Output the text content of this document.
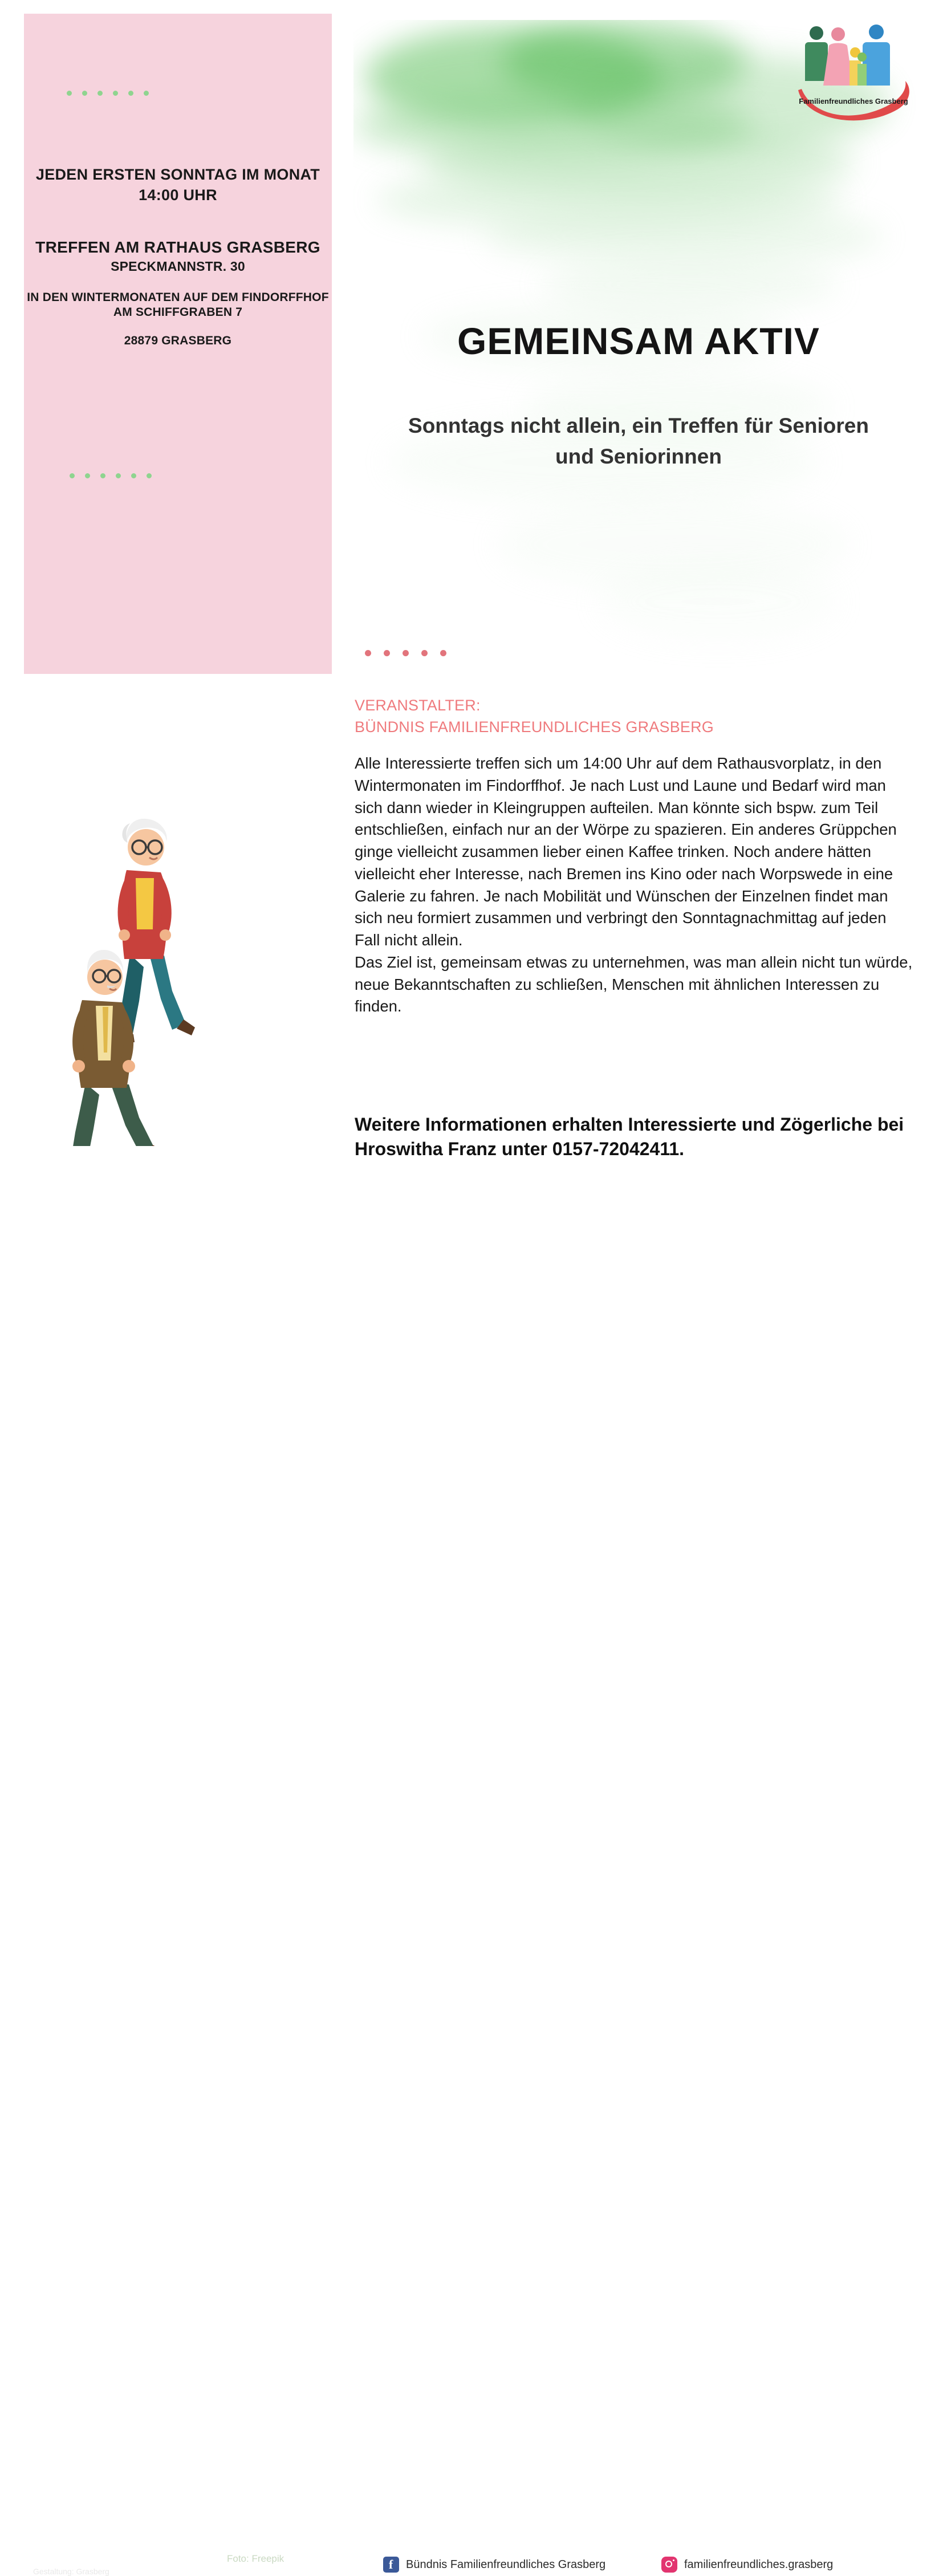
JEDEN ERSTEN SONNTAG IM MONAT 14:00 UHR
TREFFEN AM RATHAUS GRASBERG
SPECKMANNSTR. 30
IN DEN WINTERMONATEN AUF DEM FINDORFFHOF AM SCHIFFGRABEN 7
28879 GRASBERG
Familienfreundliches Grasberg
GEMEINSAM AKTIV
Sonntags nicht allein, ein Treffen für Senioren und Seniorinnen
VERANSTALTER:
BÜNDNIS FAMILIENFREUNDLICHES GRASBERG

Alle Interessierte treffen sich um 14:00 Uhr auf dem Rathausvorplatz, in den Wintermonaten im Findorffhof. Je nach Lust und Laune und Bedarf wird man sich dann wieder in Kleingruppen aufteilen. Man könnte sich bspw. zum Teil entschließen, einfach nur an der Wörpe zu spazieren. Ein anderes Grüppchen ginge vielleicht zusammen lieber einen Kaffee trinken. Noch andere hätten vielleicht eher Interesse, nach Bremen ins Kino oder nach Worpswede in eine Galerie zu fahren. Je nach Mobilität und Wünschen der Einzelnen findet man sich neu formiert zusammen und verbringt den Sonntagnachmittag auf jeden Fall nicht allein.

Das Ziel ist, gemeinsam etwas zu unternehmen, was man allein nicht tun würde, neue Bekanntschaften zu schließen, Menschen mit ähnlichen Interessen zu finden.

Weitere Informationen erhalten Interessierte und Zögerliche bei Hroswitha Franz unter 0157-72042411.
Foto: Freepik
Gestaltung: Grasberg
f
Bündnis Familienfreundliches Grasberg	familienfreundliches.grasberg
